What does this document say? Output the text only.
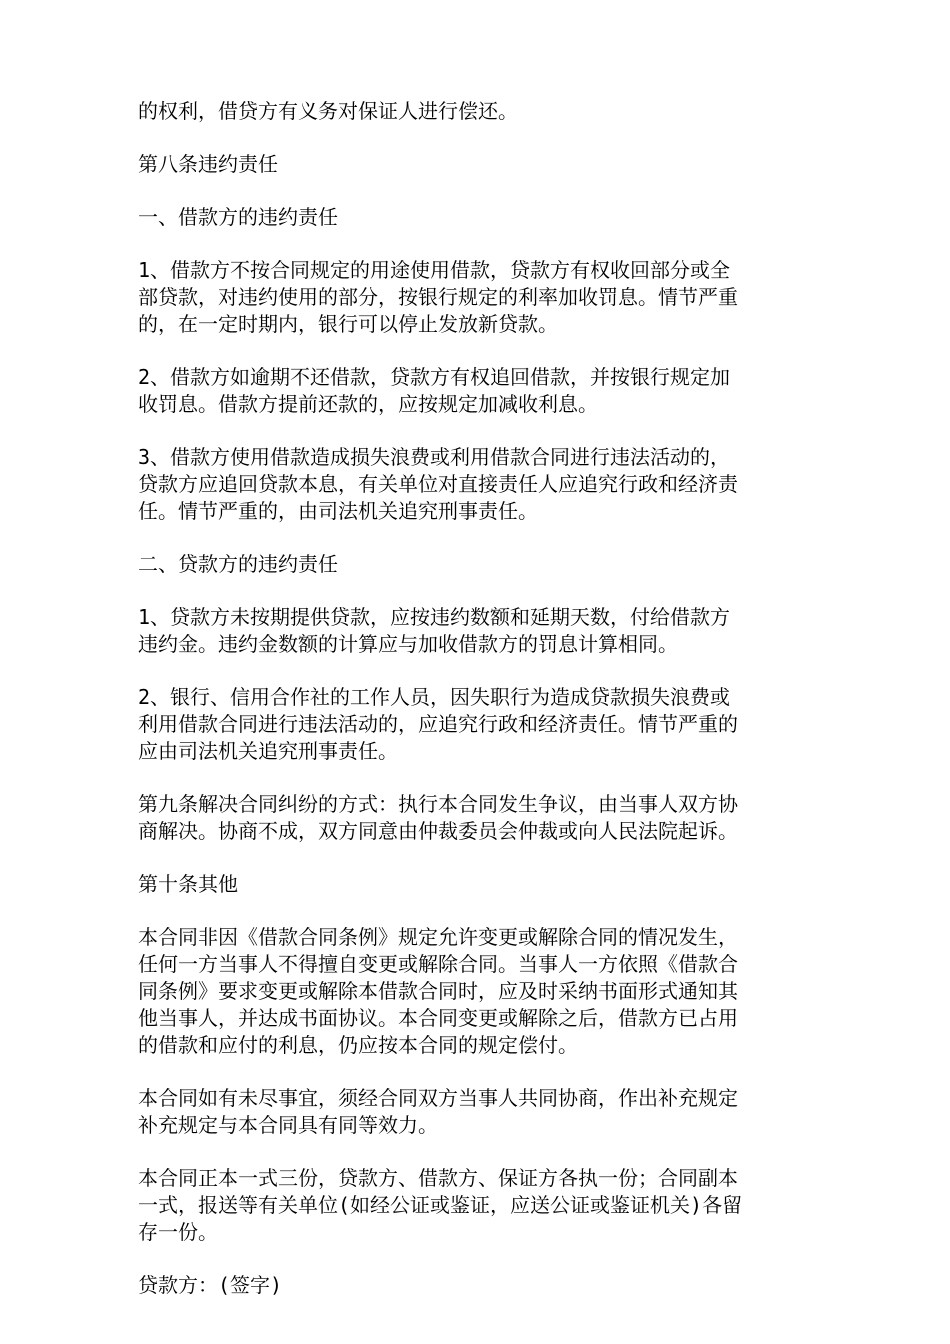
的权利，借贷方有义务对保证人进行偿还。
第八条违约责任
一、借款方的违约责任
1、借款方不按合同规定的用途使用借款，贷款方有权收回部分或全
部贷款，对违约使用的部分，按银行规定的利率加收罚息。情节严重
的，在一定时期内，银行可以停止发放新贷款。
2、借款方如逾期不还借款，贷款方有权追回借款，并按银行规定加
收罚息。借款方提前还款的，应按规定加减收利息。
3、借款方使用借款造成损失浪费或利用借款合同进行违法活动的，
贷款方应追回贷款本息，有关单位对直接责任人应追究行政和经济责
任。情节严重的，由司法机关追究刑事责任。
二、贷款方的违约责任
1、贷款方未按期提供贷款，应按违约数额和延期天数，付给借款方
违约金。违约金数额的计算应与加收借款方的罚息计算相同。
2、银行、信用合作社的工作人员，因失职行为造成贷款损失浪费或
利用借款合同进行违法活动的，应追究行政和经济责任。情节严重的
应由司法机关追究刑事责任。
第九条解决合同纠纷的方式：执行本合同发生争议，由当事人双方协
商解决。协商不成，双方同意由仲裁委员会仲裁或向人民法院起诉。
第十条其他
本合同非因《借款合同条例》规定允许变更或解除合同的情况发生，
任何一方当事人不得擅自变更或解除合同。当事人一方依照《借款合
同条例》要求变更或解除本借款合同时，应及时采纳书面形式通知其
他当事人，并达成书面协议。本合同变更或解除之后，借款方已占用
的借款和应付的利息，仍应按本合同的规定偿付。
本合同如有未尽事宜，须经合同双方当事人共同协商，作出补充规定
补充规定与本合同具有同等效力。
本合同正本一式三份，贷款方、借款方、保证方各执一份；合同副本
一式，报送等有关单位(如经公证或鉴证，应送公证或鉴证机关)各留
存一份。
贷款方：(签字)
